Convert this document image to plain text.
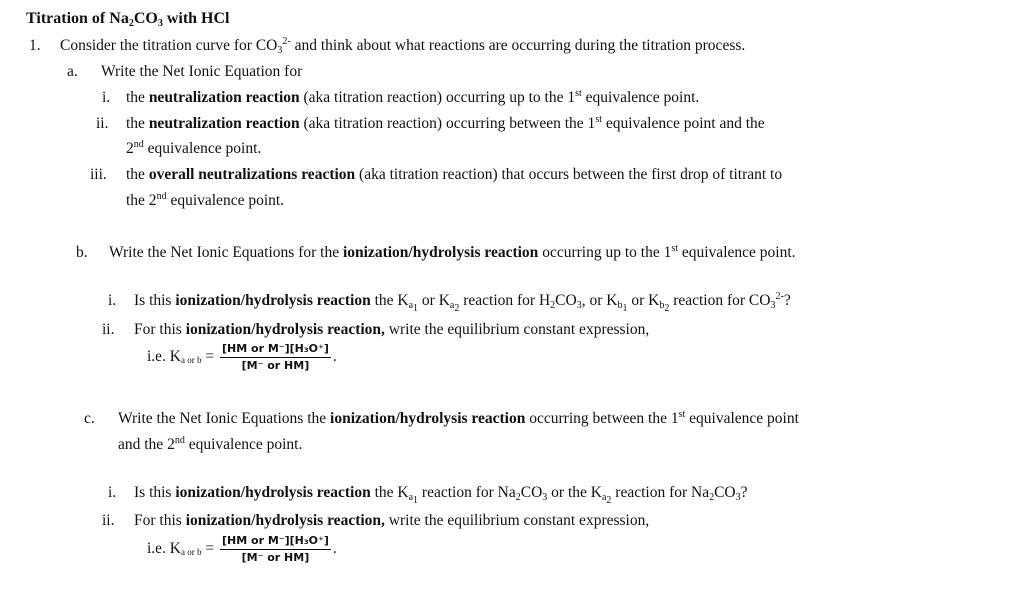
Titration of $Na_2CO_3$ with HCl
1. Consider the titration curve for $CO_3^{2-}$ and think about what reactions are occurring during the titration process.
a. Write the Net Ionic Equation for
i. the neutralization reaction (aka titration reaction) occurring up to the 1st equivalence point.
ii. the neutralization reaction (aka titration reaction) occurring between the 1st equivalence point and the
2nd equivalence point.
iii. the overall neutralizations reaction (aka titration reaction) that occurs between the first drop of titrant to
the 2nd equivalence point.
b. Write the Net Ionic Equations for the ionization/hydrolysis reaction occurring up to the 1st equivalence point.
i. Is this ionization/hydrolysis reaction the $K_{a_1}$ or $K_{a_2}$ reaction for $H_2CO_3$, or $K_{b_1}$ or $K_{b_2}$ reaction for $CO_3^{2-}$?
ii. For this ionization/hydrolysis reaction, write the equilibrium constant expression,
i.e. Ka or $b = \frac{\text{[HM or M⁻][H₃O⁺]}}{\text{[M⁻ or HM]}}$ .
c. Write the Net Ionic Equations the ionization/hydrolysis reaction occurring between the 1st equivalence point
and the 2nd equivalence point.
i. Is this ionization/hydrolysis reaction the $K_{a_1}$ reaction for $Na_2CO_3$ or the $K_{a_2}$ reaction for $Na_2CO_3$?
ii. For this ionization/hydrolysis reaction, write the equilibrium constant expression,
i.e. Ka or $b = \frac{\text{[HM or M⁻][H₃O⁺]}}{\text{[M⁻ or HM]}}$ .
